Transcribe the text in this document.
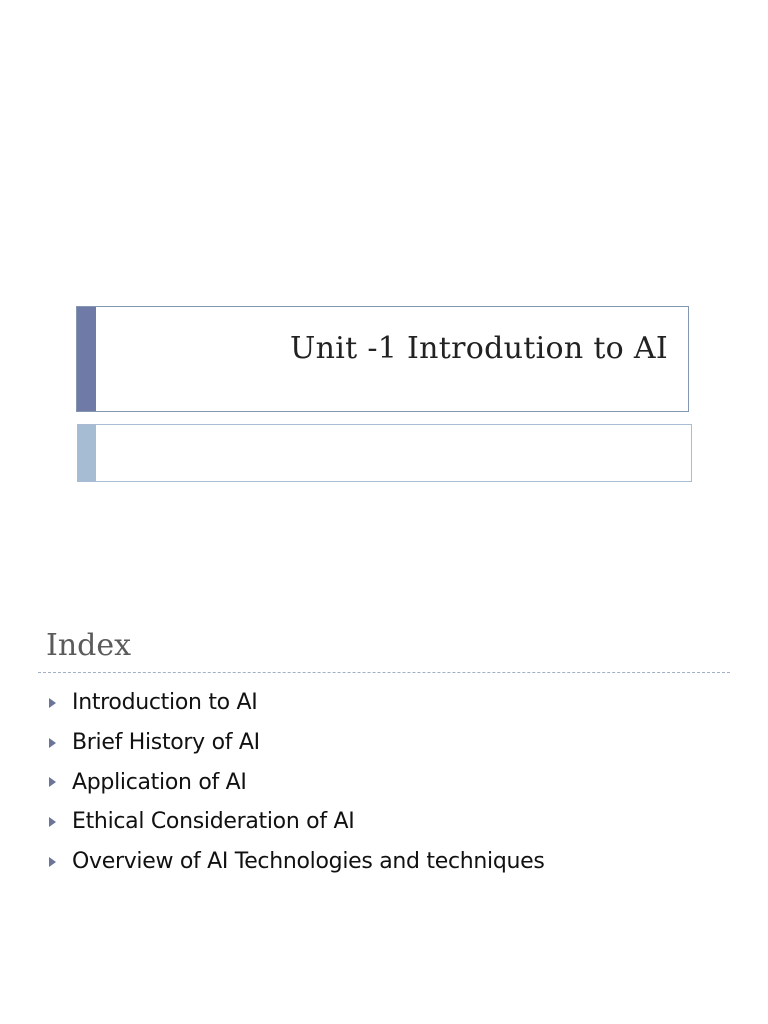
Unit -1 Introdution to AI
Index
Introduction to AI
Brief History of AI
Application of AI
Ethical Consideration of AI
Overview of AI Technologies and techniques
